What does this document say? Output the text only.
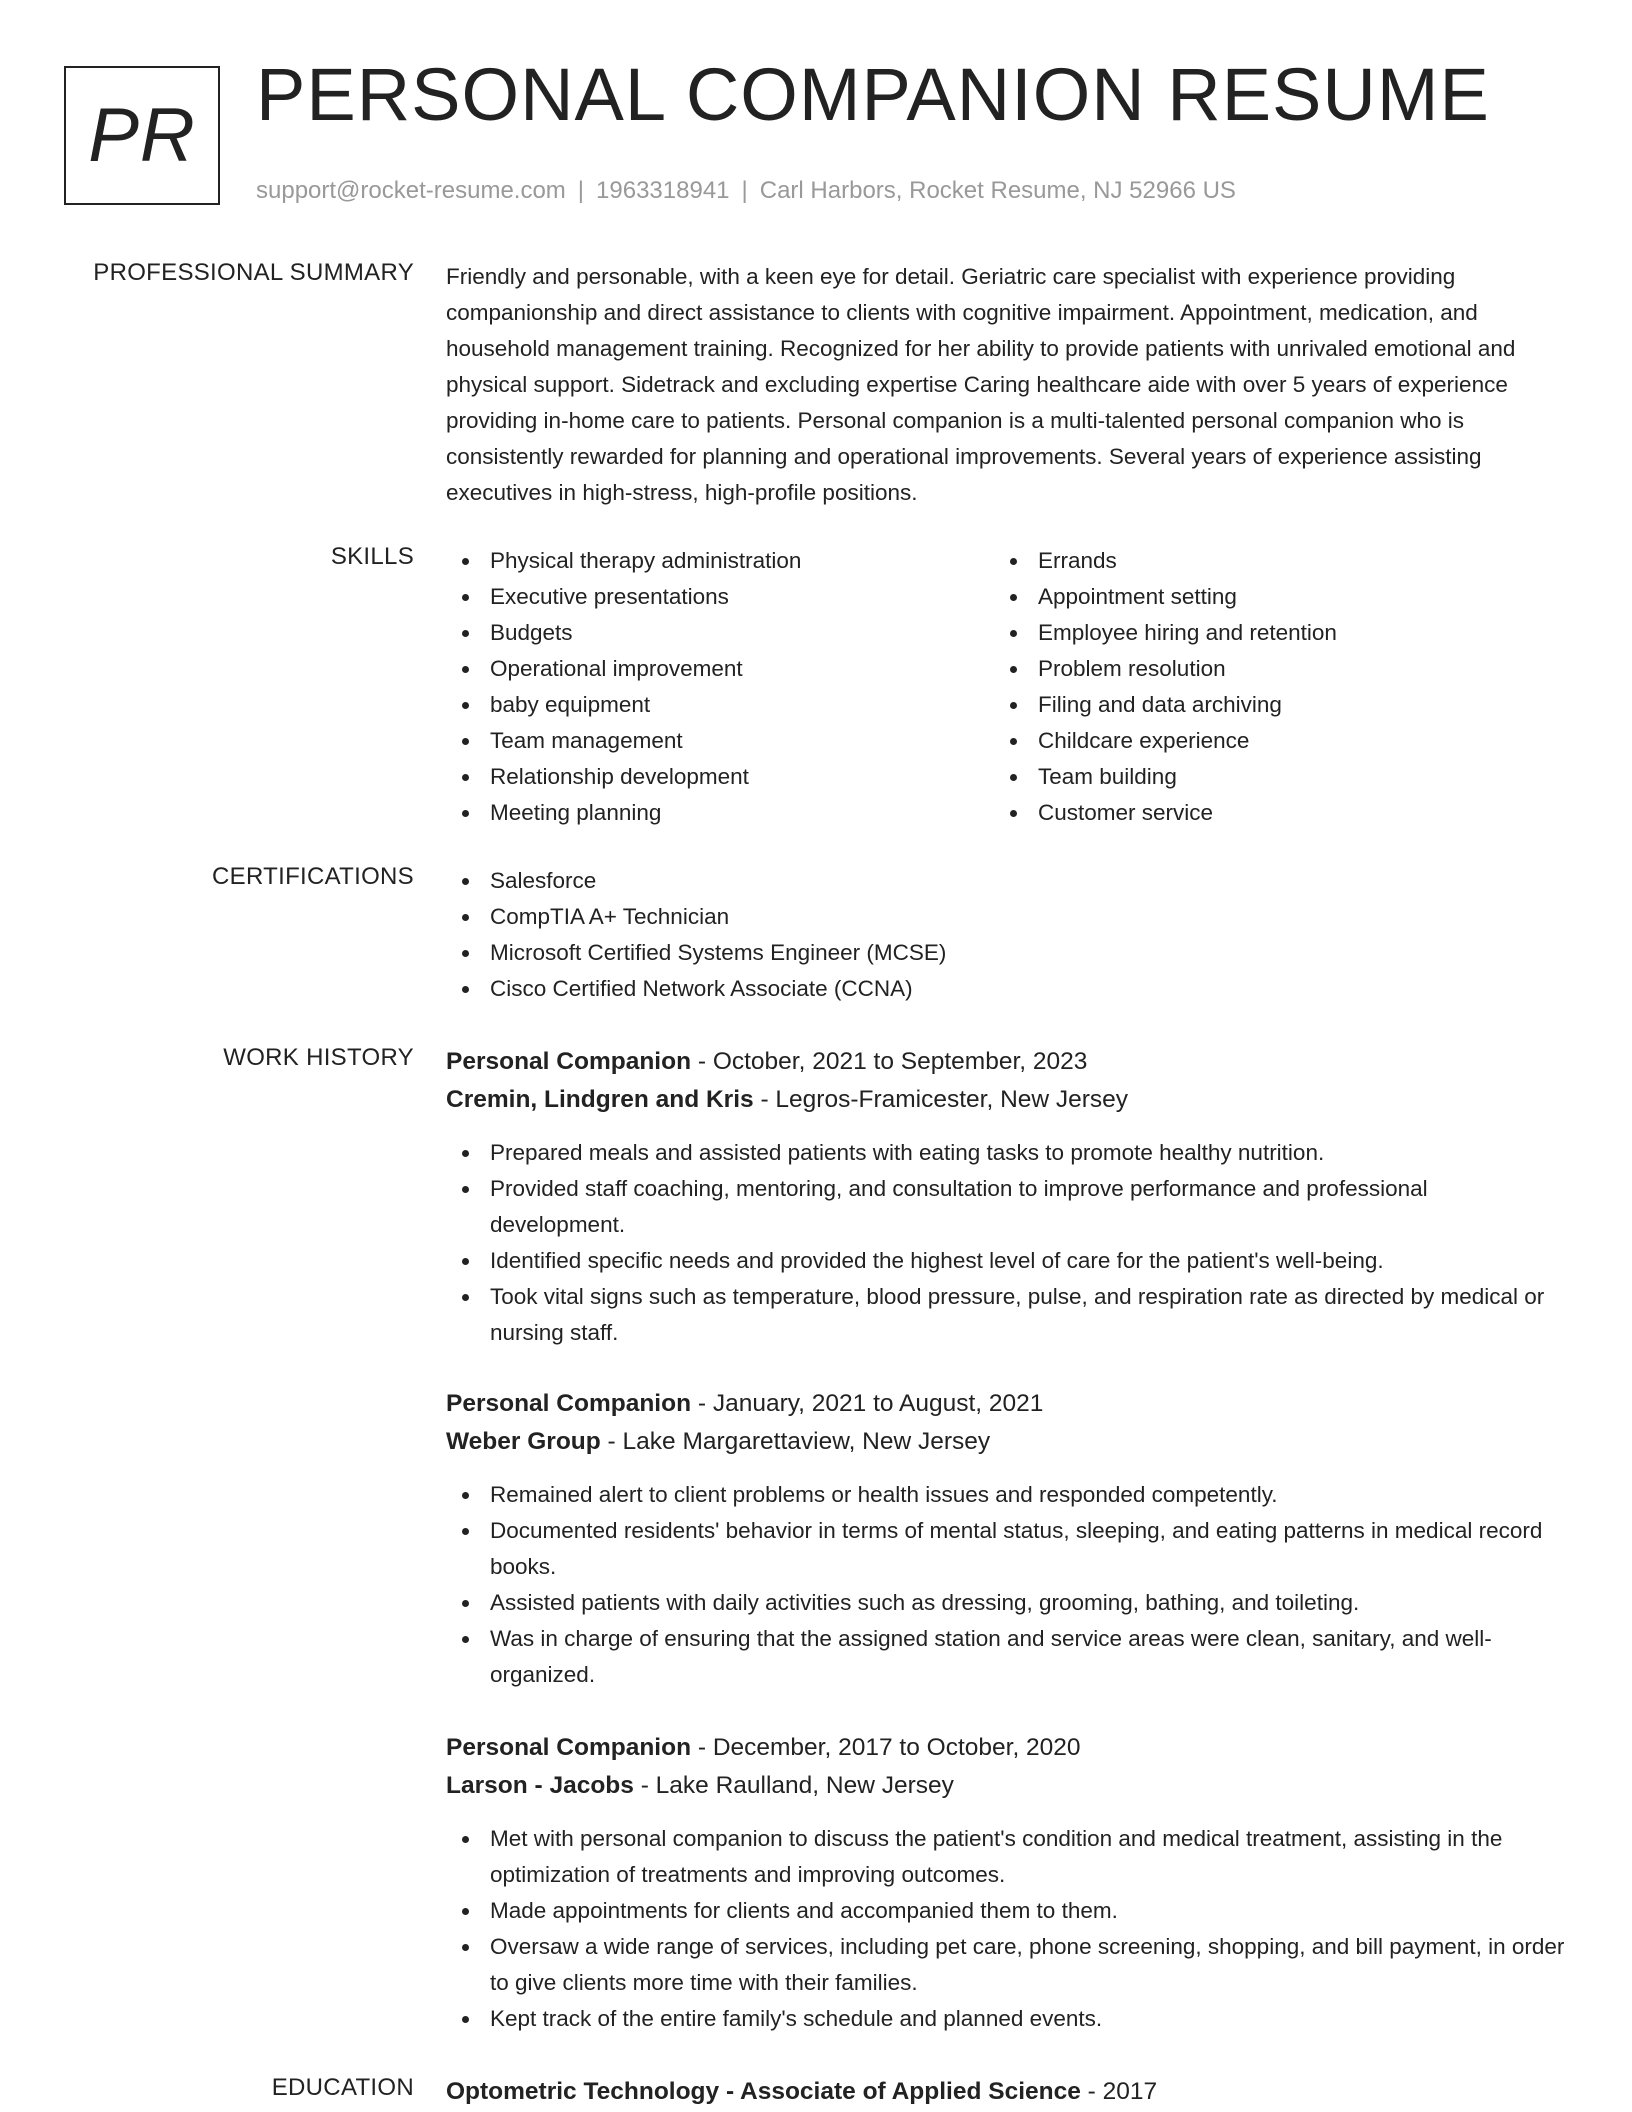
PR PERSONAL COMPANION RESUME
support@rocket-resume.com | 1963318941 | Carl Harbors, Rocket Resume, NJ 52966 US
PROFESSIONAL SUMMARY Friendly and personable, with a keen eye for detail. Geriatric care specialist with experience providing companionship and direct assistance to clients with cognitive impairment. Appointment, medication, and household management training. Recognized for her ability to provide patients with unrivaled emotional and physical support. Sidetrack and excluding expertise Caring healthcare aide with over 5 years of experience providing in-home care to patients. Personal companion is a multi-talented personal companion who is consistently rewarded for planning and operational improvements. Several years of experience assisting executives in high-stress, high-profile positions.

SKILLS	Physical therapy administration
Executive presentations
Budgets
Operational improvement
baby equipment
Team management
Relationship development
Meeting planning
Errands
Appointment setting
Employee hiring and retention
Problem resolution
Filing and data archiving
Childcare experience
Team building
Customer service
CERTIFICATIONS	Salesforce
CompTIA A+ Technician
Microsoft Certified Systems Engineer (MCSE)
Cisco Certified Network Associate (CCNA)
WORK HISTORY Personal Companion - October, 2021 to September, 2023
Cremin, Lindgren and Kris - Legros-Framicester, New Jersey
Prepared meals and assisted patients with eating tasks to promote healthy nutrition.
Provided staff coaching, mentoring, and consultation to improve performance and professional development.
Identified specific needs and provided the highest level of care for the patient's well-being.
Took vital signs such as temperature, blood pressure, pulse, and respiration rate as directed by medical or nursing staff.
Personal Companion - January, 2021 to August, 2021
Weber Group - Lake Margarettaview, New Jersey
Remained alert to client problems or health issues and responded competently.
Documented residents' behavior in terms of mental status, sleeping, and eating patterns in medical record books.
Assisted patients with daily activities such as dressing, grooming, bathing, and toileting.
Was in charge of ensuring that the assigned station and service areas were clean, sanitary, and well-organized.
Personal Companion - December, 2017 to October, 2020
Larson - Jacobs - Lake Raulland, New Jersey
Met with personal companion to discuss the patient's condition and medical treatment, assisting in the optimization of treatments and improving outcomes.
Made appointments for clients and accompanied them to them.
Oversaw a wide range of services, including pet care, phone screening, shopping, and bill payment, in order to give clients more time with their families.
Kept track of the entire family's schedule and planned events.
EDUCATION Optometric Technology - Associate of Applied Science - 2017
